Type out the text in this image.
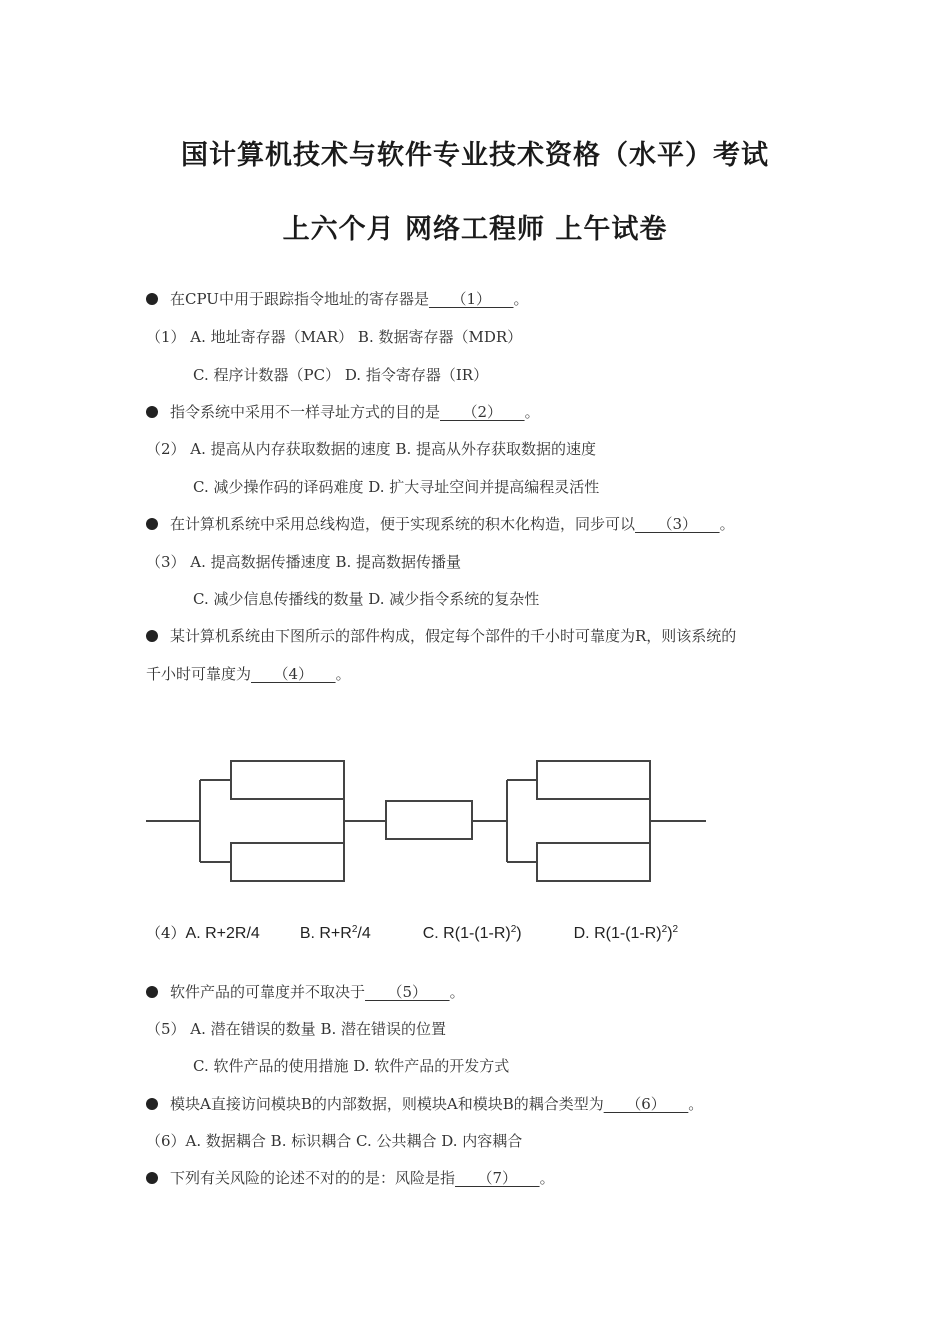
国计算机技术与软件专业技术资格（水平）考试
上六个月 网络工程师 上午试卷
在CPU中用于跟踪指令地址的寄存器是___（1）___。
（1） A. 地址寄存器（MAR） B. 数据寄存器（MDR）
C. 程序计数器（PC） D. 指令寄存器（IR）
指令系统中采用不一样寻址方式的目的是___（2）___。
（2） A. 提高从内存获取数据的速度 B. 提高从外存获取数据的速度
C. 减少操作码的译码难度 D. 扩大寻址空间并提高编程灵活性
在计算机系统中采用总线构造，便于实现系统的积木化构造，同步可以___（3）___。
（3） A. 提高数据传播速度 B. 提高数据传播量
C. 减少信息传播线的数量 D. 减少指令系统的复杂性
某计算机系统由下图所示的部件构成，假定每个部件的千小时可靠度为R，则该系统的
千小时可靠度为___（4）___。
（4）A. R+2R/4	B. $R+R^2/4$	C. $R(1-(1-R)^2)$	D. $R(1-(1-R)^2)^2$
软件产品的可靠度并不取决于___（5）___。
（5） A. 潜在错误的数量 B. 潜在错误的位置
C. 软件产品的使用措施 D. 软件产品的开发方式
模块A直接访问模块B的内部数据，则模块A和模块B的耦合类型为___（6）___。
（6）A. 数据耦合 B. 标识耦合 C. 公共耦合 D. 内容耦合
下列有关风险的论述不对的的是：风险是指___（7）___。
